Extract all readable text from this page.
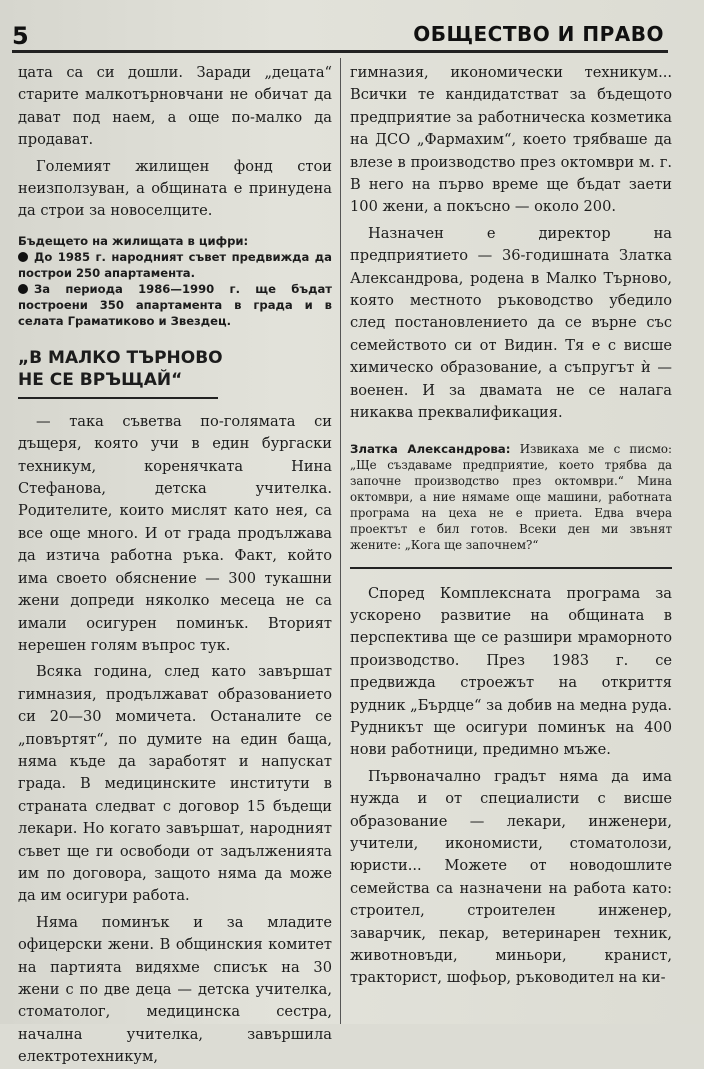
5	ОБЩЕСТВО И ПРАВО

цата са си дошли. Заради „децата“ старите малкотърновчани не обичат да дават под наем, а още по-малко да продават.

Големият жилищен фонд стои неизползуван, а общината е принудена да строи за новоселците.

Бъдещето на жилищата в цифри:
До 1985 г. народният съвет предвижда да построи 250 апартамента.
За периода 1986—1990 г. ще бъдат построени 350 апартамента в града и в селата Граматиково и Звездец.
„В МАЛКО ТЪРНОВО
НЕ СЕ ВРЪЩАЙ“

— така съветва по-голямата си дъщеря, която учи в един бургаски техникум, коренячката Нина Стефанова, детска учителка. Родителите, които мислят като нея, са все още много. И от града продължава да изтича работна ръка. Факт, който има своето обяснение — 300 тукашни жени допреди няколко месеца не са имали осигурен поминък. Вторият нерешен голям въпрос тук.

Всяка година, след като завършат гимназия, продължават образованието си 20—30 момичета. Останалите се „повъртят“, по думите на един баща, няма къде да заработят и напускат града. В медицинските институти в страната следват с договор 15 бъдещи лекари. Но когато завършат, народният съвет ще ги освободи от задълженията им по договора, защото няма да може да им осигури работа.

Няма поминък и за младите офицерски жени. В общинския комитет на партията видяхме списък на 30 жени с по две деца — детска учителка, стоматолог, медицинска сестра, начална учителка, завършила електротехникум,

гимназия, икономически техникум... Всички те кандидатстват за бъдещото предприятие за работническа козметика на ДСО „Фармахим“, което трябваше да влезе в производство през октомври м. г. В него на първо време ще бъдат заети 100 жени, а покъсно — около 200.

Назначен е директор на предприятието — 36-годишната Златка Александрова, родена в Малко Търново, която местното ръководство убедило след постановлението да се върне със семейството си от Видин. Тя е с висше химическо образование, а съпругът ѝ — военен. И за двамата не се налага никаква преквалификация.

Златка Александрова: Извикаха ме с писмо: „Ще създаваме предприятие, което трябва да започне производство през октомври.“ Мина октомври, а ние нямаме още машини, работната програма на цеха не е приета. Едва вчера проектът е бил готов. Всеки ден ми звънят жените: „Кога ще започнем?“

Според Комплексната програма за ускорено развитие на общината в перспектива ще се разшири мраморното производство. През 1983 г. се предвижда строежът на откриття рудник „Бърдце“ за добив на медна руда. Рудникът ще осигури поминък на 400 нови работници, предимно мъже.

Първоначално градът няма да има нужда и от специалисти с висше образование — лекари, инженери, учители, икономисти, стоматолози, юристи... Можете от новодошлите семейства са назначени на работа като: строител, строителен инженер, заварчик, пекар, ветеринарен техник, животновъди, миньори, кранист, тракторист, шофьор, ръководител на ки-
